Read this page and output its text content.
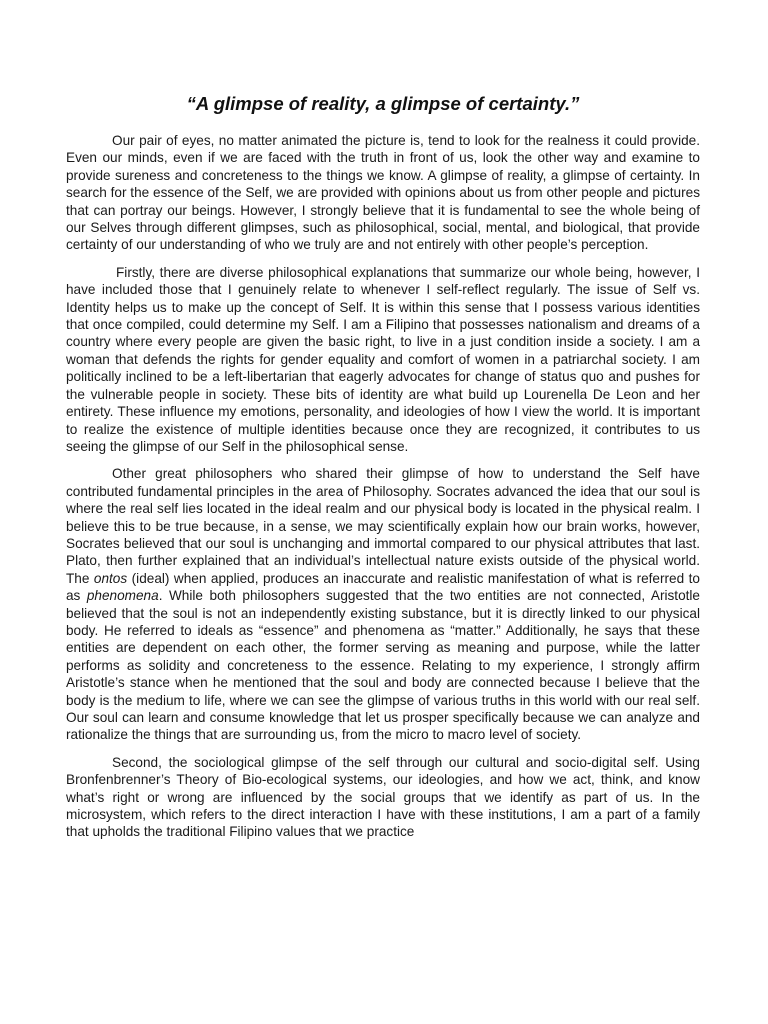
“A glimpse of reality, a glimpse of certainty.”

Our pair of eyes, no matter animated the picture is, tend to look for the realness it could provide. Even our minds, even if we are faced with the truth in front of us, look the other way and examine to provide sureness and concreteness to the things we know. A glimpse of reality, a glimpse of certainty. In search for the essence of the Self, we are provided with opinions about us from other people and pictures that can portray our beings. However, I strongly believe that it is fundamental to see the whole being of our Selves through different glimpses, such as philosophical, social, mental, and biological, that provide certainty of our understanding of who we truly are and not entirely with other people’s perception.

Firstly, there are diverse philosophical explanations that summarize our whole being, however, I have included those that I genuinely relate to whenever I self-reflect regularly. The issue of Self vs. Identity helps us to make up the concept of Self. It is within this sense that I possess various identities that once compiled, could determine my Self. I am a Filipino that possesses nationalism and dreams of a country where every people are given the basic right, to live in a just condition inside a society. I am a woman that defends the rights for gender equality and comfort of women in a patriarchal society. I am politically inclined to be a left-libertarian that eagerly advocates for change of status quo and pushes for the vulnerable people in society. These bits of identity are what build up Lourenella De Leon and her entirety. These influence my emotions, personality, and ideologies of how I view the world. It is important to realize the existence of multiple identities because once they are recognized, it contributes to us seeing the glimpse of our Self in the philosophical sense.

Other great philosophers who shared their glimpse of how to understand the Self have contributed fundamental principles in the area of Philosophy. Socrates advanced the idea that our soul is where the real self lies located in the ideal realm and our physical body is located in the physical realm. I believe this to be true because, in a sense, we may scientifically explain how our brain works, however, Socrates believed that our soul is unchanging and immortal compared to our physical attributes that last. Plato, then further explained that an individual’s intellectual nature exists outside of the physical world. The ontos (ideal) when applied, produces an inaccurate and realistic manifestation of what is referred to as phenomena. While both philosophers suggested that the two entities are not connected, Aristotle believed that the soul is not an independently existing substance, but it is directly linked to our physical body. He referred to ideals as “essence” and phenomena as “matter.” Additionally, he says that these entities are dependent on each other, the former serving as meaning and purpose, while the latter performs as solidity and concreteness to the essence. Relating to my experience, I strongly affirm Aristotle’s stance when he mentioned that the soul and body are connected because I believe that the body is the medium to life, where we can see the glimpse of various truths in this world with our real self. Our soul can learn and consume knowledge that let us prosper specifically because we can analyze and rationalize the things that are surrounding us, from the micro to macro level of society.

Second, the sociological glimpse of the self through our cultural and socio-digital self. Using Bronfenbrenner’s Theory of Bio-ecological systems, our ideologies, and how we act, think, and know what’s right or wrong are influenced by the social groups that we identify as part of us. In the microsystem, which refers to the direct interaction I have with these institutions, I am a part of a family that upholds the traditional Filipino values that we practice
